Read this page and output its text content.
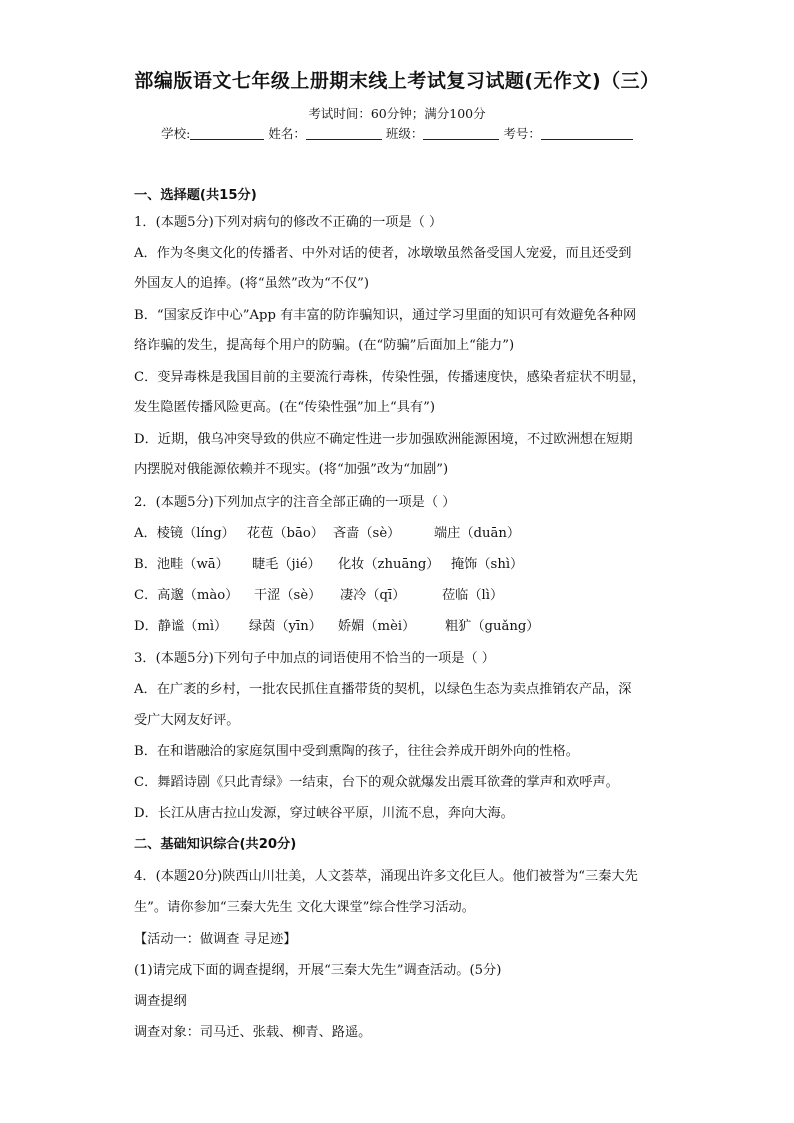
部编版语文七年级上册期末线上考试复习试题(无作文)（三）
考试时间：60分钟；满分100分
学校:	姓名：	班级：	考号：
一、选择题(共15分)
1．(本题5分)下列对病句的修改不正确的一项是（ ）
A．作为冬奥文化的传播者、中外对话的使者，冰墩墩虽然备受国人宠爱，而且还受到
外国友人的追捧。(将“虽然”改为“不仅”)
B．“国家反诈中心”App 有丰富的防诈骗知识，通过学习里面的知识可有效避免各种网
络诈骗的发生，提高每个用户的防骗。(在“防骗”后面加上“能力”)
C．变异毒株是我国目前的主要流行毒株，传染性强，传播速度快，感染者症状不明显，
发生隐匿传播风险更高。(在“传染性强”加上“具有”)
D．近期，俄乌冲突导致的供应不确定性进一步加强欧洲能源困境，不过欧洲想在短期
内摆脱对俄能源依赖并不现实。(将“加强”改为“加剧”)
2．(本题5分)下列加点字的注音全部正确的一项是（ ）
A．棱镜（líng） 花苞（bāo） 吝啬（sè）	端庄（duān）
B．池畦（wā） 睫毛（jié） 化妆（zhuāng） 掩饰（shì）
C．高邈（mào） 干涩（sè） 凄冷（qī）	莅临（lì）
D．静谧（mì） 绿茵（yīn） 娇媚（mèi） 粗犷（guǎng）
3．(本题5分)下列句子中加点的词语使用不恰当的一项是（ ）
A．在广袤的乡村，一批农民抓住直播带货的契机，以绿色生态为卖点推销农产品，深
受广大网友好评。
B．在和谐融洽的家庭氛围中受到熏陶的孩子，往往会养成开朗外向的性格。
C．舞蹈诗剧《只此青绿》一结束，台下的观众就爆发出震耳欲聋的掌声和欢呼声。
D．长江从唐古拉山发源，穿过峡谷平原，川流不息，奔向大海。
二、基础知识综合(共20分)
4．(本题20分)陕西山川壮美，人文荟萃，涌现出许多文化巨人。他们被誉为“三秦大先
生”。请你参加“三秦大先生 文化大课堂”综合性学习活动。
【活动一：做调查 寻足迹】
(1)请完成下面的调查提纲，开展“三秦大先生”调查活动。(5分)
调查提纲
调查对象：司马迁、张载、柳青、路遥。
